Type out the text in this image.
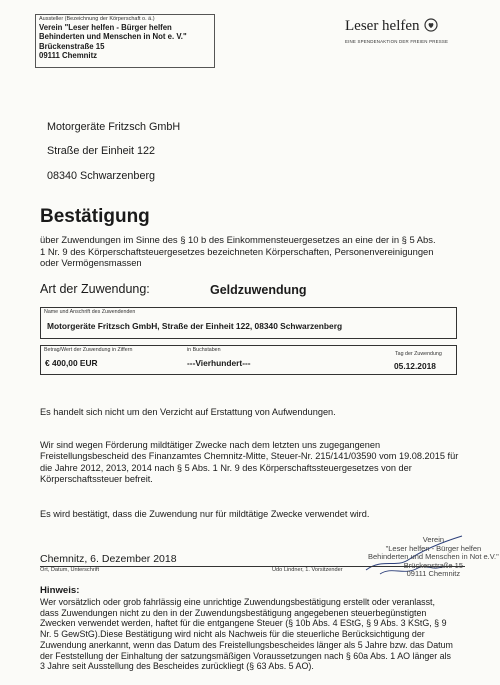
Aussteller (Bezeichnung der Körperschaft o. ä.)
Verein "Leser helfen - Bürger helfen
Behinderten und Menschen in Not e. V."
Brückenstraße 15
09111 Chemnitz
Leser helfen
EINE SPENDENAKTION DER FREIEN PRESSE
Motorgeräte Fritzsch GmbH
Straße der Einheit 122
08340 Schwarzenberg
Bestätigung
über Zuwendungen im Sinne des § 10 b des Einkommensteuergesetzes an eine der in § 5 Abs.
1 Nr. 9 des Körperschaftsteuergesetzes bezeichneten Körperschaften, Personenvereinigungen
oder Vermögensmassen
Art der Zuwendung:	Geldzuwendung
Name und Anschrift des Zuwendenden
Motorgeräte Fritzsch GmbH, Straße der Einheit 122, 08340 Schwarzenberg
Betrag/Wert der Zuwendung in Ziffern
€ 400,00 EUR
in Buchstaben
---Vierhundert---
Tag der Zuwendung
05.12.2018
Es handelt sich nicht um den Verzicht auf Erstattung von Aufwendungen.
Wir sind wegen Förderung mildtätiger Zwecke nach dem letzten uns zugegangenen
Freistellungsbescheid des Finanzamtes Chemnitz-Mitte, Steuer-Nr. 215/141/03590 vom 19.08.2015 für
die Jahre 2012, 2013, 2014 nach § 5 Abs. 1 Nr. 9 des Körperschaftssteuergesetzes von der
Körperschaftssteuer befreit.
Es wird bestätigt, dass die Zuwendung nur für mildtätige Zwecke verwendet wird.
Verein
"Leser helfen - Bürger helfen
Behinderten und Menschen in Not e.V."
Brückenstraße 15
09111 Chemnitz
Chemnitz, 6. Dezember 2018
Ort, Datum, Unterschrift	Udo Lindner, 1. Vorsitzender
Hinweis:
Wer vorsätzlich oder grob fahrlässig eine unrichtige Zuwendungsbestätigung erstellt oder veranlasst,
dass Zuwendungen nicht zu den in der Zuwendungsbestätigung angegebenen steuerbegünstigten
Zwecken verwendet werden, haftet für die entgangene Steuer (§ 10b Abs. 4 EStG, § 9 Abs. 3 KStG, § 9
Nr. 5 GewStG).Diese Bestätigung wird nicht als Nachweis für die steuerliche Berücksichtigung der
Zuwendung anerkannt, wenn das Datum des Freistellungsbescheides länger als 5 Jahre bzw. das Datum
der Feststellung der Einhaltung der satzungsmäßigen Voraussetzungen nach § 60a Abs. 1 AO länger als
3 Jahre seit Ausstellung des Bescheides zurückliegt (§ 63 Abs. 5 AO).
